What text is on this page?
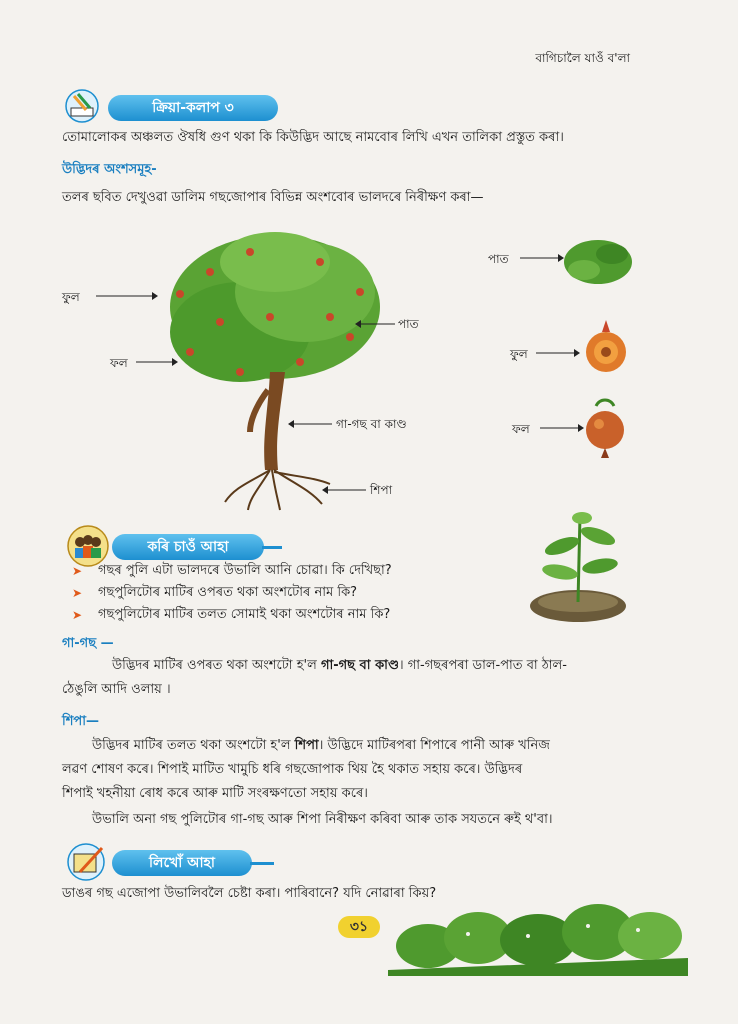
বাগিচালৈ যাওঁ ব'লা
ক্ৰিয়া-কলাপ ৩
তোমালোকৰ অঞ্চলত ঔষধি গুণ থকা কি কিউদ্ভিদ আছে নামবোৰ লিখি এখন তালিকা প্ৰস্তুত কৰা।
উদ্ভিদৰ অংশসমূহ-
তলৰ ছবিত দেখুওৱা ডালিম গছজোপাৰ বিভিন্ন অংশবোৰ ভালদৰে নিৰীক্ষণ কৰা—
ফুল
ফল
পাত
গা-গছ বা কাণ্ড
শিপা
পাত
ফুল
ফল
কৰি চাওঁ আহা
➤	গছৰ পুলি এটা ভালদৰে উভালি আনি চোৱা। কি দেখিছা?
➤	গছপুলিটোৰ মাটিৰ ওপৰত থকা অংশটোৰ নাম কি?
➤	গছপুলিটোৰ মাটিৰ তলত সোমাই থকা অংশটোৰ নাম কি?
গা-গছ —
উদ্ভিদৰ মাটিৰ ওপৰত থকা অংশটো হ'ল গা-গছ বা কাণ্ড। গা-গছৰপৰা ডাল-পাত বা ঠাল-
ঠেঙুলি আদি ওলায় ।
শিপা—
উদ্ভিদৰ মাটিৰ তলত থকা অংশটো হ'ল শিপা। উদ্ভিদে মাটিৰপৰা শিপাৰে পানী আৰু খনিজ
লৱণ শোষণ কৰে। শিপাই মাটিত খামুচি ধৰি গছজোপাক থিয় হৈ থকাত সহায় কৰে। উদ্ভিদৰ
শিপাই খহনীয়া ৰোধ কৰে আৰু মাটি সংৰক্ষণতো সহায় কৰে।
উভালি অনা গছ পুলিটোৰ গা-গছ আৰু শিপা নিৰীক্ষণ কৰিবা আৰু তাক সযতনে ৰুই থ'বা।
লিখোঁ আহা
ডাঙৰ গছ এজোপা উভালিবলৈ চেষ্টা কৰা। পাৰিবানে? যদি নোৱাৰা কিয়?
৩১
